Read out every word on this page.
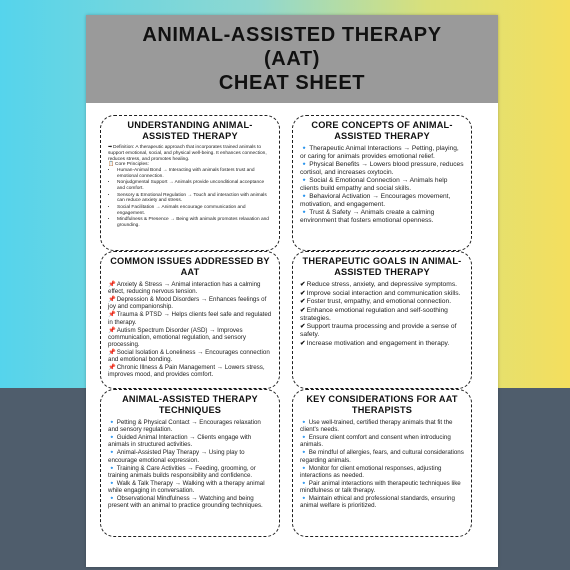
ANIMAL-ASSISTED THERAPY
(AAT)
CHEAT SHEET
UNDERSTANDING ANIMAL-ASSISTED THERAPY

➡Definition: A therapeutic approach that incorporates trained animals to support emotional, social, and physical well-being. It enhances connection, reduces stress, and promotes healing.

📋Core Principles:

• Human-Animal Bond → Interacting with animals fosters trust and emotional connection.
• Nonjudgmental Support → Animals provide unconditional acceptance and comfort.
• Sensory & Emotional Regulation → Touch and interaction with animals can reduce anxiety and stress.
• Social Facilitation → Animals encourage communication and engagement.
• Mindfulness & Presence → Being with animals promotes relaxation and grounding.
CORE CONCEPTS OF ANIMAL-ASSISTED THERAPY

🔹Therapeutic Animal Interactions → Petting, playing, or caring for animals provides emotional relief.

🔹Physical Benefits → Lowers blood pressure, reduces cortisol, and increases oxytocin.

🔹Social & Emotional Connection → Animals help clients build empathy and social skills.

🔹Behavioral Activation → Encourages movement, motivation, and engagement.

🔹Trust & Safety → Animals create a calming environment that fosters emotional openness.

COMMON ISSUES ADDRESSED BY AAT

📌Anxiety & Stress → Animal interaction has a calming effect, reducing nervous tension.

📌Depression & Mood Disorders → Enhances feelings of joy and companionship.

📌Trauma & PTSD → Helps clients feel safe and regulated in therapy.

📌Autism Spectrum Disorder (ASD) → Improves communication, emotional regulation, and sensory processing.

📌Social Isolation & Loneliness → Encourages connection and emotional bonding.

📌Chronic Illness & Pain Management → Lowers stress, improves mood, and provides comfort.

THERAPEUTIC GOALS IN ANIMAL-ASSISTED THERAPY

✔Reduce stress, anxiety, and depressive symptoms.

✔Improve social interaction and communication skills.

✔Foster trust, empathy, and emotional connection.

✔Enhance emotional regulation and self-soothing strategies.

✔Support trauma processing and provide a sense of safety.

✔Increase motivation and engagement in therapy.

ANIMAL-ASSISTED THERAPY TECHNIQUES

🔹Petting & Physical Contact → Encourages relaxation and sensory regulation.

🔹Guided Animal Interaction → Clients engage with animals in structured activities.

🔹Animal-Assisted Play Therapy → Using play to encourage emotional expression.

🔹Training & Care Activities → Feeding, grooming, or training animals builds responsibility and confidence.

🔹Walk & Talk Therapy → Walking with a therapy animal while engaging in conversation.

🔹Observational Mindfulness → Watching and being present with an animal to practice grounding techniques.

KEY CONSIDERATIONS FOR AAT THERAPISTS

🔹Use well-trained, certified therapy animals that fit the client's needs.

🔹Ensure client comfort and consent when introducing animals.

🔹Be mindful of allergies, fears, and cultural considerations regarding animals.

🔹Monitor for client emotional responses, adjusting interactions as needed.

🔹Pair animal interactions with therapeutic techniques like mindfulness or talk therapy.

🔹Maintain ethical and professional standards, ensuring animal welfare is prioritized.
